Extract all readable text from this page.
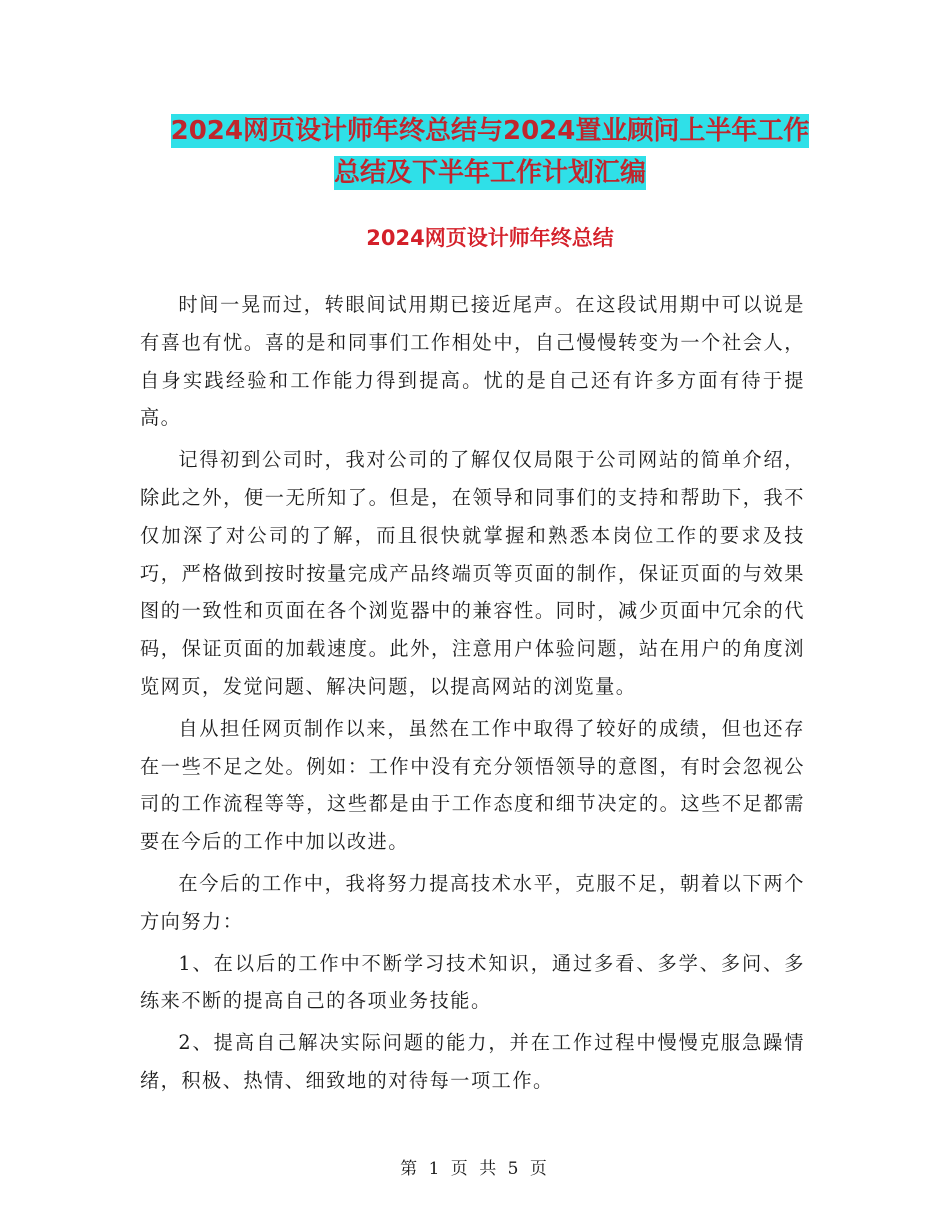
2024网页设计师年终总结与2024置业顾问上半年工作
总结及下半年工作计划汇编
2024网页设计师年终总结

时间一晃而过，转眼间试用期已接近尾声。在这段试用期中可以说是有喜也有忧。喜的是和同事们工作相处中，自己慢慢转变为一个社会人，自身实践经验和工作能力得到提高。忧的是自己还有许多方面有待于提高。

记得初到公司时，我对公司的了解仅仅局限于公司网站的简单介绍，除此之外，便一无所知了。但是，在领导和同事们的支持和帮助下，我不仅加深了对公司的了解，而且很快就掌握和熟悉本岗位工作的要求及技巧，严格做到按时按量完成产品终端页等页面的制作，保证页面的与效果图的一致性和页面在各个浏览器中的兼容性。同时，减少页面中冗余的代码，保证页面的加载速度。此外，注意用户体验问题，站在用户的角度浏览网页，发觉问题、解决问题，以提高网站的浏览量。

自从担任网页制作以来，虽然在工作中取得了较好的成绩，但也还存在一些不足之处。例如：工作中没有充分领悟领导的意图，有时会忽视公司的工作流程等等，这些都是由于工作态度和细节决定的。这些不足都需要在今后的工作中加以改进。

在今后的工作中，我将努力提高技术水平，克服不足，朝着以下两个方向努力：

1、在以后的工作中不断学习技术知识，通过多看、多学、多问、多练来不断的提高自己的各项业务技能。

2、提高自己解决实际问题的能力，并在工作过程中慢慢克服急躁情绪，积极、热情、细致地的对待每一项工作。

第 1 页 共 5 页
